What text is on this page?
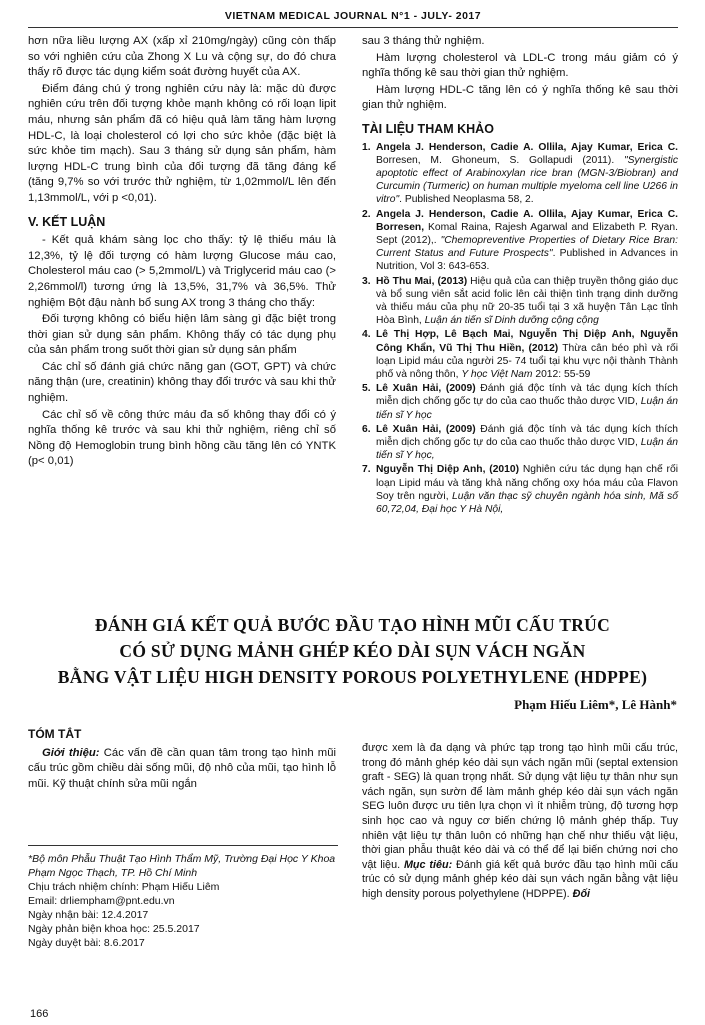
VIETNAM MEDICAL JOURNAL N°1 - JULY- 2017

hơn nữa liều lượng AX (xấp xỉ 210mg/ngày) cũng còn thấp so với nghiên cứu của Zhong X Lu và cộng sự, do đó chưa thấy rõ được tác dụng kiểm soát đường huyết của AX.

Điểm đáng chú ý trong nghiên cứu này là: mặc dù được nghiên cứu trên đối tượng khỏe mạnh không có rối loạn lipit máu, nhưng sản phẩm đã có hiệu quả làm tăng hàm lượng HDL-C, là loại cholesterol có lợi cho sức khỏe (đặc biệt là sức khỏe tim mạch). Sau 3 tháng sử dụng sản phẩm, hàm lượng HDL-C trung bình của đối tượng đã tăng đáng kể (tăng 9,7% so với trước thử nghiệm, từ 1,02mmol/L lên đến 1,13mmol/L, với p <0,01).

V. KẾT LUẬN

- Kết quả khám sàng lọc cho thấy: tỷ lệ thiếu máu là 12,3%, tỷ lệ đối tượng có hàm lượng Glucose máu cao, Cholesterol máu cao (> 5,2mmol/L) và Triglycerid máu cao (> 2,26mmol/l) tương ứng là 13,5%, 31,7% và 36,5%. Thử nghiệm Bột đậu nành bổ sung AX trong 3 tháng cho thấy:

Đối tượng không có biểu hiện lâm sàng gì đặc biệt trong thời gian sử dụng sản phẩm. Không thấy có tác dụng phụ của sản phẩm trong suốt thời gian sử dụng sản phẩm

Các chỉ số đánh giá chức năng gan (GOT, GPT) và chức năng thận (ure, creatinin) không thay đổi trước và sau khi thử nghiệm.

Các chỉ số về công thức máu đa số không thay đổi có ý nghĩa thống kê trước và sau khi thử nghiệm, riêng chỉ số Nồng độ Hemoglobin trung bình hồng cầu tăng lên có YNTK (p< 0,01)

sau 3 tháng thử nghiệm.

Hàm lượng cholesterol và LDL-C trong máu giảm có ý nghĩa thống kê sau thời gian thử nghiệm.

Hàm lượng HDL-C tăng lên có ý nghĩa thống kê sau thời gian thử nghiệm.

TÀI LIỆU THAM KHẢO

1. Angela J. Henderson, Cadie A. Ollila, Ajay Kumar, Erica C. Borresen, M. Ghoneum, S. Gollapudi (2011). "Synergistic apoptotic effect of Arabinoxylan rice bran (MGN-3/Biobran) and Curcumin (Turmeric) on human multiple myeloma cell line U266 in vitro". Published Neoplasma 58, 2.
2. Angela J. Henderson, Cadie A. Ollila, Ajay Kumar, Erica C. Borresen, Komal Raina, Rajesh Agarwal and Elizabeth P. Ryan. Sept (2012),. "Chemopreventive Properties of Dietary Rice Bran: Current Status and Future Prospects". Published in Advances in Nutrition, Vol 3: 643-653.
3. Hồ Thu Mai, (2013) Hiệu quả của can thiệp truyền thông giáo dục và bổ sung viên sắt acid folic lên cải thiện tình trạng dinh dưỡng và thiếu máu của phụ nữ 20-35 tuổi tại 3 xã huyện Tân Lạc tỉnh Hòa Bình, Luận án tiến sĩ Dinh dưỡng cộng cộng
4. Lê Thị Hợp, Lê Bạch Mai, Nguyễn Thị Diệp Anh, Nguyễn Công Khẩn, Vũ Thị Thu Hiền, (2012) Thừa cân béo phì và rối loạn Lipid máu của người 25- 74 tuổi tại khu vực nội thành Thành phố và nông thôn, Y học Việt Nam 2012: 55-59
5. Lê Xuân Hải, (2009) Đánh giá độc tính và tác dụng kích thích miễn dịch chống gốc tự do của cao thuốc thảo dược VID, Luận án tiến sĩ Y học
6. Lê Xuân Hải, (2009) Đánh giá độc tính và tác dụng kích thích miễn dịch chống gốc tự do của cao thuốc thảo dược VID, Luận án tiến sĩ Y học,
7. Nguyễn Thị Diệp Anh, (2010) Nghiên cứu tác dụng hạn chế rối loạn Lipid máu và tăng khả năng chống oxy hóa máu của Flavon Soy trên người, Luận văn thạc sỹ chuyên ngành hóa sinh, Mã số 60,72,04, Đại học Y Hà Nội,
ĐÁNH GIÁ KẾT QUẢ BƯỚC ĐẦU TẠO HÌNH MŨI CẤU TRÚC
CÓ SỬ DỤNG MẢNH GHÉP KÉO DÀI SỤN VÁCH NGĂN
BẰNG VẬT LIỆU HIGH DENSITY POROUS POLYETHYLENE (HDPPE)
Phạm Hiếu Liêm*, Lê Hành*
TÓM TẮT

Giới thiệu: Các vấn đề cần quan tâm trong tạo hình mũi cấu trúc gồm chiều dài sống mũi, độ nhô của mũi, tạo hình lỗ mũi. Kỹ thuật chính sửa mũi ngắn

*Bộ môn Phẫu Thuật Tạo Hình Thẩm Mỹ, Trường Đại Học Y Khoa Phạm Ngọc Thạch, TP. Hồ Chí Minh
Chịu trách nhiệm chính: Phạm Hiếu Liêm
Email: drliempham@pnt.edu.vn
Ngày nhận bài: 12.4.2017
Ngày phản biện khoa học: 25.5.2017
Ngày duyệt bài: 8.6.2017

được xem là đa dạng và phức tạp trong tạo hình mũi cấu trúc, trong đó mảnh ghép kéo dài sụn vách ngăn mũi (septal extension graft - SEG) là quan trọng nhất. Sử dụng vật liệu tự thân như sụn vách ngăn, sụn sườn để làm mảnh ghép kéo dài sụn vách ngăn SEG luôn được ưu tiên lựa chọn vì ít nhiễm trùng, độ tương hợp sinh học cao và nguy cơ biến chứng lộ mảnh ghép thấp. Tuy nhiên vật liệu tự thân luôn có những hạn chế như thiếu vật liệu, thời gian phẫu thuật kéo dài và có thể để lại biến chứng nơi cho vật liệu. Mục tiêu: Đánh giá kết quả bước đầu tạo hình mũi cấu trúc có sử dụng mảnh ghép kéo dài sụn vách ngăn bằng vật liệu high density porous polyethylene (HDPPE). Đối

166
